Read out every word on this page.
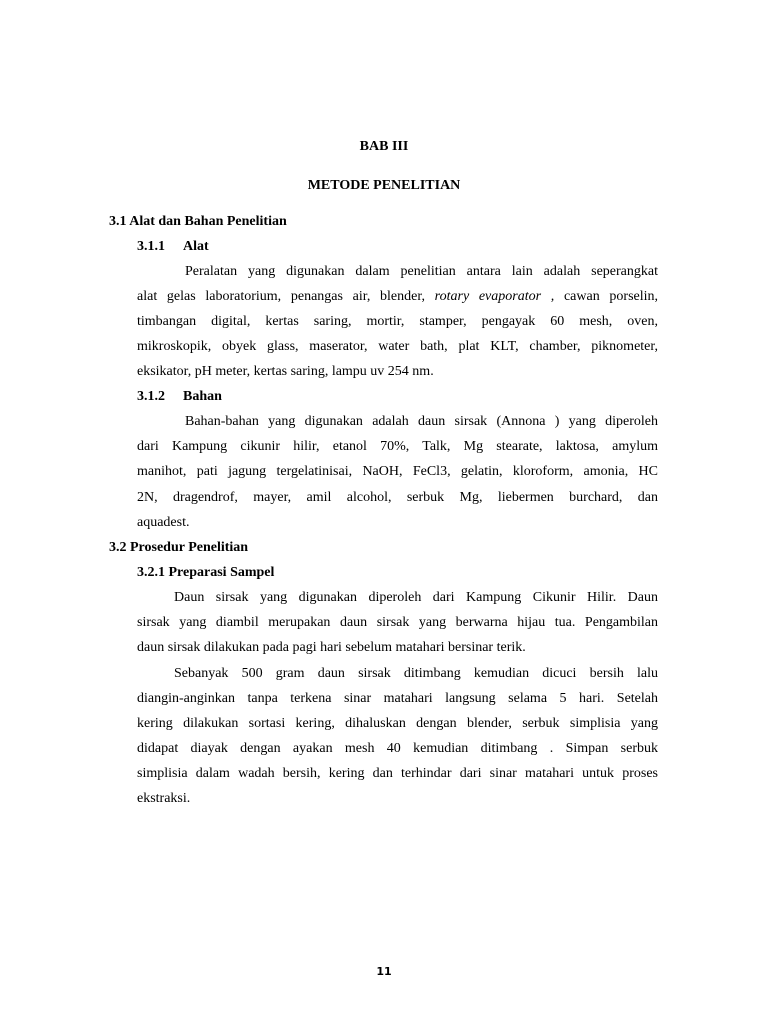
BAB III
METODE PENELITIAN
3.1 Alat dan Bahan Penelitian
3.1.1 Alat
Peralatan yang digunakan dalam penelitian antara lain adalah seperangkat
alat gelas laboratorium, penangas air, blender, rotary evaporator , cawan porselin,
timbangan digital, kertas saring, mortir, stamper, pengayak 60 mesh, oven,
mikroskopik, obyek glass, maserator, water bath, plat KLT, chamber, piknometer,
eksikator, pH meter, kertas saring, lampu uv 254 nm.
3.1.2 Bahan
Bahan-bahan yang digunakan adalah daun sirsak (Annona ) yang diperoleh
dari Kampung cikunir hilir, etanol 70%, Talk, Mg stearate, laktosa, amylum
manihot, pati jagung tergelatinisai, NaOH, FeCl3, gelatin, kloroform, amonia, HC
2N, dragendrof, mayer, amil alcohol, serbuk Mg, liebermen burchard, dan
aquadest.
3.2 Prosedur Penelitian
3.2.1 Preparasi Sampel
Daun sirsak yang digunakan diperoleh dari Kampung Cikunir Hilir. Daun
sirsak yang diambil merupakan daun sirsak yang berwarna hijau tua. Pengambilan
daun sirsak dilakukan pada pagi hari sebelum matahari bersinar terik.
Sebanyak 500 gram daun sirsak ditimbang kemudian dicuci bersih lalu
diangin-anginkan tanpa terkena sinar matahari langsung selama 5 hari. Setelah
kering dilakukan sortasi kering, dihaluskan dengan blender, serbuk simplisia yang
didapat diayak dengan ayakan mesh 40 kemudian ditimbang . Simpan serbuk
simplisia dalam wadah bersih, kering dan terhindar dari sinar matahari untuk proses
ekstraksi.
11
